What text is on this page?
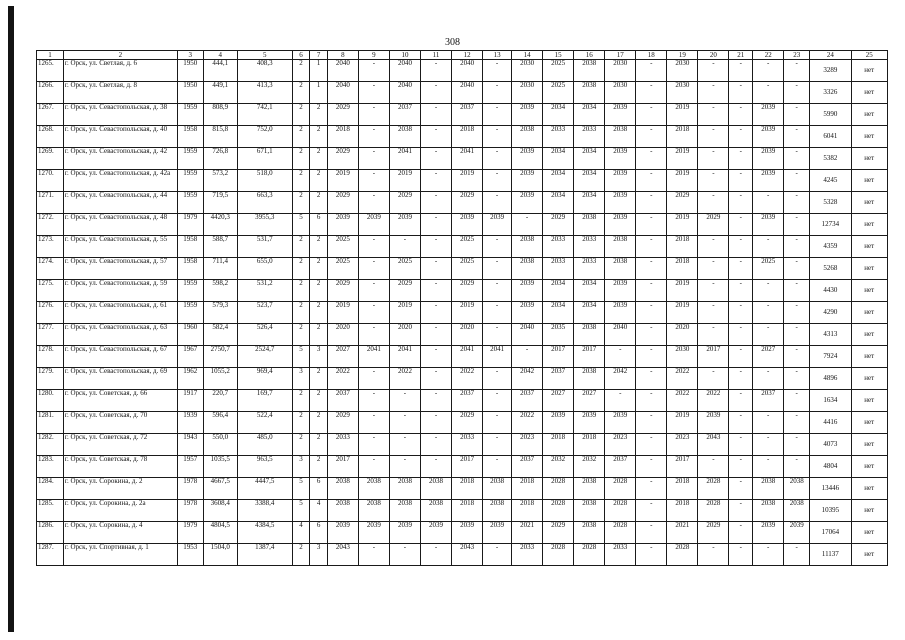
308
1	2	3	4	5	6	7	8	9	10	11	12	13	14	15	16	17	18	19	20	21	22	23	24	25
1265.	г. Орск, ул. Светлая, д. 6	1950	444,1	408,3	2	1	2040	-	2040	-	2040	-	2030	2025	2038	2030	-	2030	-	-	-	-	3289	нет
1266.	г. Орск, ул. Светлая, д. 8	1950	449,1	413,3	2	1	2040	-	2040	-	2040	-	2030	2025	2038	2030	-	2030	-	-	-	-	3326	нет
1267.	г. Орск, ул. Севастопольская, д. 38	1959	808,9	742,1	2	2	2029	-	2037	-	2037	-	2039	2034	2034	2039	-	2019	-	-	2039	-	5990	нет
1268.	г. Орск, ул. Севастопольская, д. 40	1958	815,8	752,0	2	2	2018	-	2038	-	2018	-	2038	2033	2033	2038	-	2018	-	-	2039	-	6041	нет
1269.	г. Орск, ул. Севастопольская, д. 42	1959	726,8	671,1	2	2	2029	-	2041	-	2041	-	2039	2034	2034	2039	-	2019	-	-	2039	-	5382	нет
1270.	г. Орск, ул. Севастопольская, д. 42а	1959	573,2	518,0	2	2	2019	-	2019	-	2019	-	2039	2034	2034	2039	-	2019	-	-	2039	-	4245	нет
1271.	г. Орск, ул. Севастопольская, д. 44	1959	719,5	663,3	2	2	2029	-	2029	-	2029	-	2039	2034	2034	2039	-	2029	-	-	-	-	5328	нет
1272.	г. Орск, ул. Севастопольская, д. 48	1979	4420,3	3955,3	5	6	2039	2039	2039	-	2039	2039	-	2029	2038	2039	-	2019	2029	-	2039	-	12734	нет
1273.	г. Орск, ул. Севастопольская, д. 55	1958	588,7	531,7	2	2	2025	-	-	-	2025	-	2038	2033	2033	2038	-	2018	-	-	-	-	4359	нет
1274.	г. Орск, ул. Севастопольская, д. 57	1958	711,4	655,0	2	2	2025	-	2025	-	2025	-	2038	2033	2033	2038	-	2018	-	-	2025	-	5268	нет
1275.	г. Орск, ул. Севастопольская, д. 59	1959	598,2	531,2	2	2	2029	-	2029	-	2029	-	2039	2034	2034	2039	-	2019	-	-	-	-	4430	нет
1276.	г. Орск, ул. Севастопольская, д. 61	1959	579,3	523,7	2	2	2019	-	2019	-	2019	-	2039	2034	2034	2039	-	2019	-	-	-	-	4290	нет
1277.	г. Орск, ул. Севастопольская, д. 63	1960	582,4	526,4	2	2	2020	-	2020	-	2020	-	2040	2035	2038	2040	-	2020	-	-	-	-	4313	нет
1278.	г. Орск, ул. Севастопольская, д. 67	1967	2750,7	2524,7	5	3	2027	2041	2041	-	2041	2041	-	2017	2017	-	-	2030	2017	-	2027	-	7924	нет
1279.	г. Орск, ул. Севастопольская, д. 69	1962	1055,2	969,4	3	2	2022	-	2022	-	2022	-	2042	2037	2038	2042	-	2022	-	-	-	-	4896	нет
1280.	г. Орск, ул. Советская, д. 66	1917	220,7	169,7	2	2	2037	-	-	-	2037	-	2037	2027	2027	-	-	2022	2022	-	2037	-	1634	нет
1281.	г. Орск, ул. Советская, д. 70	1939	596,4	522,4	2	2	2029	-	-	-	2029	-	2022	2039	2039	2039	-	2019	2039	-	-	-	4416	нет
1282.	г. Орск, ул. Советская, д. 72	1943	550,0	485,0	2	2	2033	-	-	-	2033	-	2023	2018	2018	2023	-	2023	2043	-	-	-	4073	нет
1283.	г. Орск, ул. Советская, д. 78	1957	1035,5	963,5	3	2	2017	-	-	-	2017	-	2037	2032	2032	2037	-	2017	-	-	-	-	4804	нет
1284.	г. Орск, ул. Сорокина, д. 2	1978	4667,5	4447,5	5	6	2038	2038	2038	2038	2018	2038	2018	2028	2038	2028	-	2018	2028	-	2038	2038	13446	нет
1285.	г. Орск, ул. Сорокина, д. 2а	1978	3608,4	3388,4	5	4	2038	2038	2038	2038	2018	2038	2018	2028	2038	2028	-	2018	2028	-	2038	2038	10395	нет
1286.	г. Орск, ул. Сорокина, д. 4	1979	4804,5	4384,5	4	6	2039	2039	2039	2039	2039	2039	2021	2029	2038	2028	-	2021	2029	-	2039	2039	17064	нет
1287.	г. Орск, ул. Спортивная, д. 1	1953	1504,0	1387,4	2	3	2043	-	-	-	2043	-	2033	2028	2028	2033	-	2028	-	-	-	-	11137	нет
